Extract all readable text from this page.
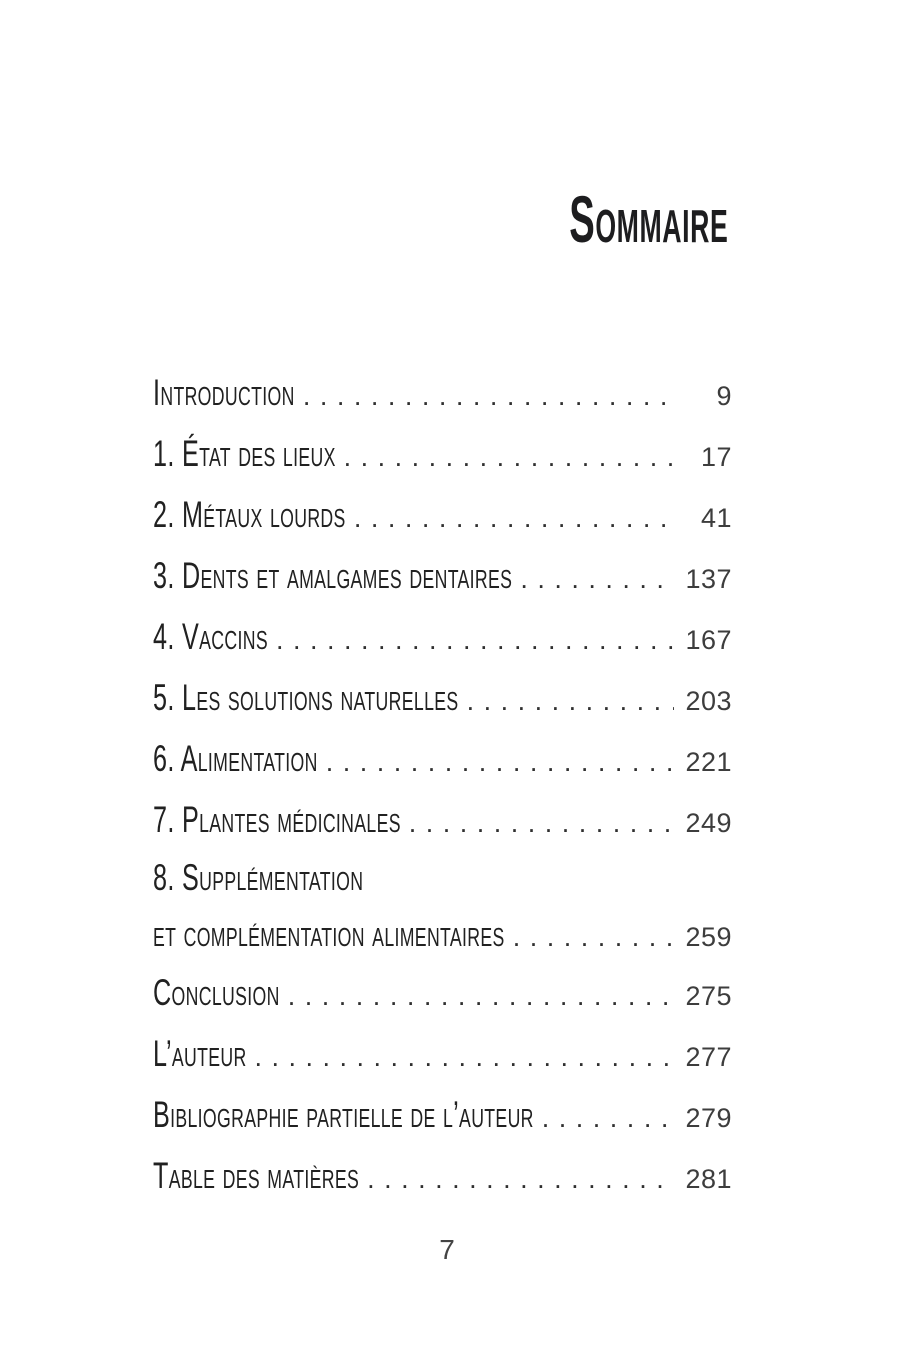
Sommaire
Introduction . . .	9
1. État des lieux . . .	17
2. Métaux lourds . . .	41
3. Dents et amalgames dentaires . . .	137
4. Vaccins . . .	167
5. Les solutions naturelles . . .	203
6. Alimentation . . .	221
7. Plantes médicinales . . .	249
8. Supplémentation
et complémentation alimentaires . . .	259
Conclusion . . .	275
L’auteur . . .	277
Bibliographie partielle de l’auteur . . .	279
Table des matières . . .	281
7
